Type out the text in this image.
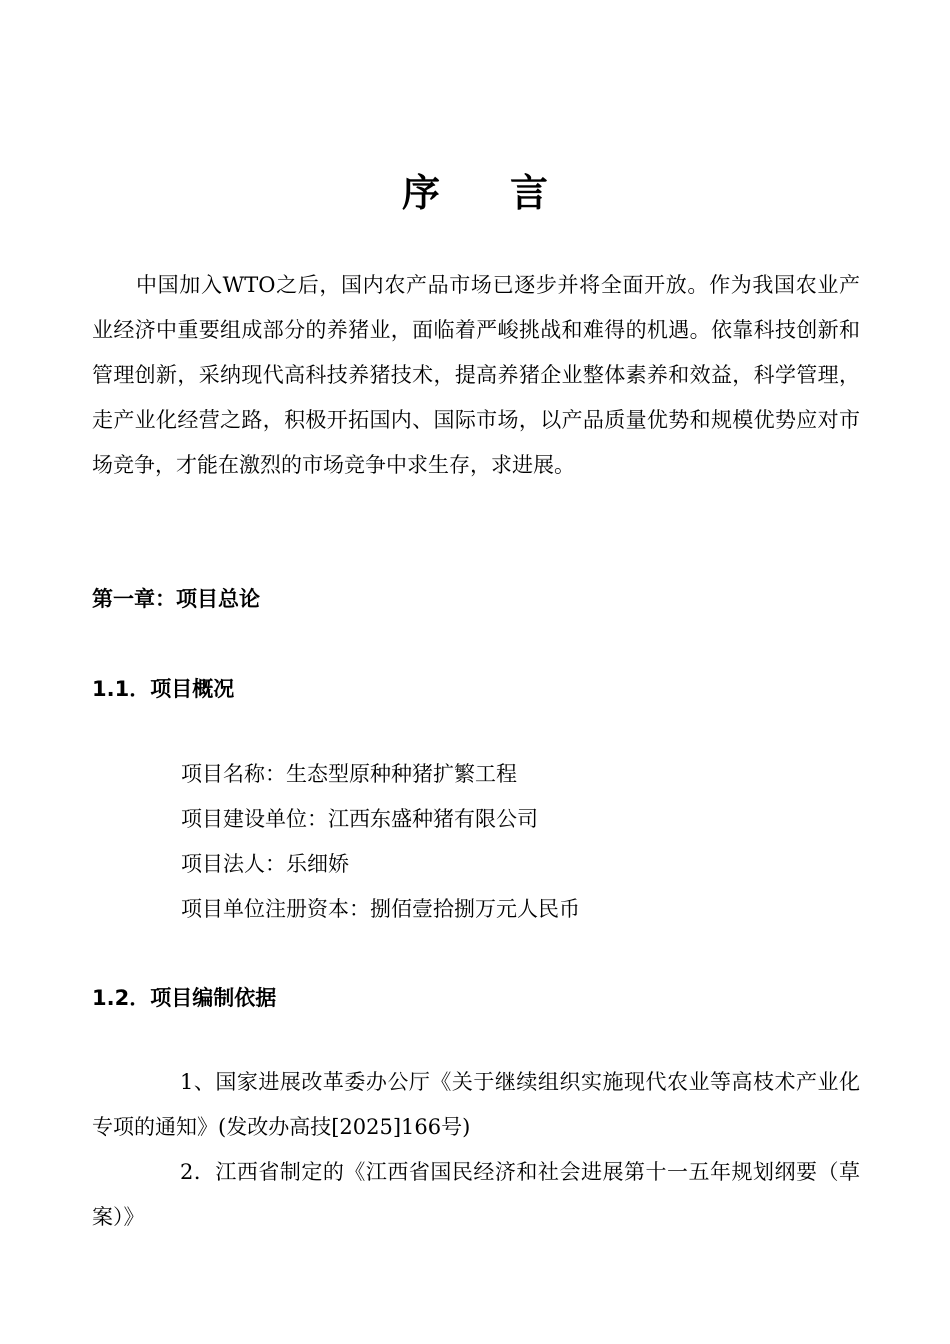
序 言
中国加入WTO之后，国内农产品市场已逐步并将全面开放。作为我国农业产业经济中重要组成部分的养猪业，面临着严峻挑战和难得的机遇。依靠科技创新和管理创新，采纳现代高科技养猪技术，提高养猪企业整体素养和效益，科学管理，走产业化经营之路，积极开拓国内、国际市场，以产品质量优势和规模优势应对市场竞争，才能在激烈的市场竞争中求生存，求进展。
第一章：项目总论
1.1．项目概况
项目名称：生态型原种种猪扩繁工程
项目建设单位：江西东盛种猪有限公司
项目法人：乐细娇
项目单位注册资本：捌佰壹拾捌万元人民币
1.2．项目编制依据
1、国家进展改革委办公厅《关于继续组织实施现代农业等高枝术产业化专项的通知》(发改办高技[2025]166号)
2．江西省制定的《江西省国民经济和社会进展第十一五年规划纲要（草案）》
